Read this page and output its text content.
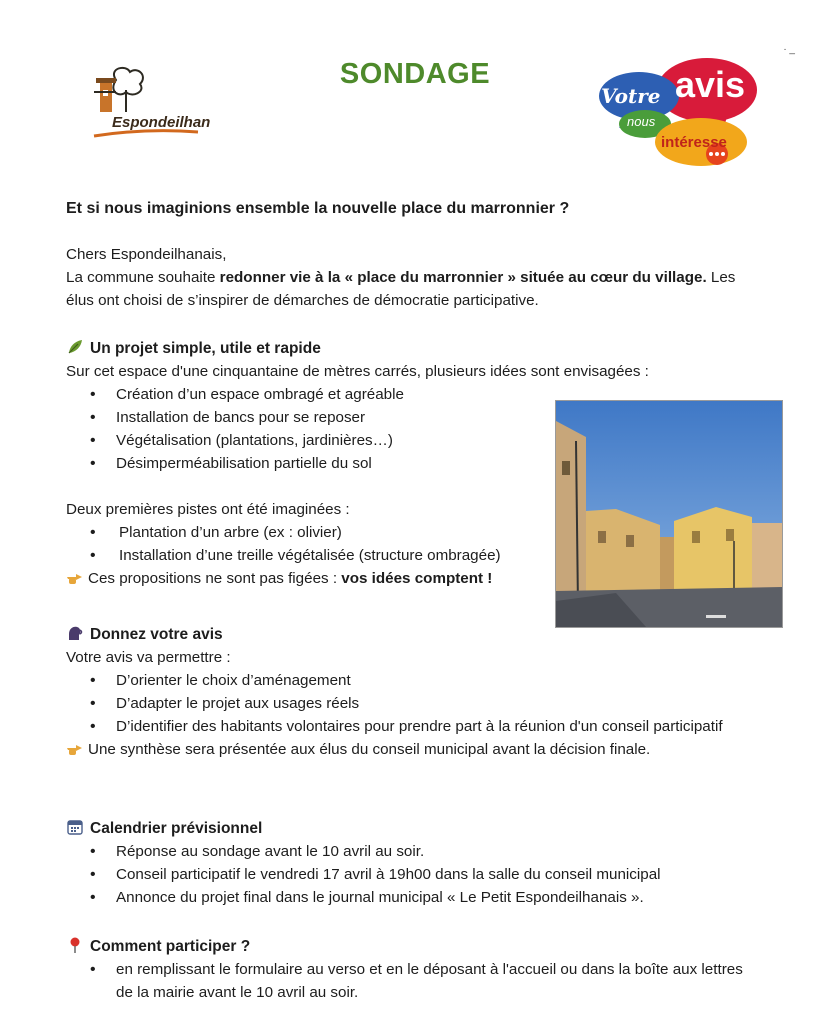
· _
Espondeilhan
SONDAGE
Votre avis
nous
intéresse
Et si nous imaginions ensemble la nouvelle place du marronnier ?
Chers Espondeilhanais,
La commune souhaite redonner vie à la « place du marronnier » située au cœur du village. Les élus ont choisi de s’inspirer de démarches de démocratie participative.
Un projet simple, utile et rapide
Sur cet espace d'une cinquantaine de mètres carrés, plusieurs idées sont envisagées :
• Création d’un espace ombragé et agréable
• Installation de bancs pour se reposer
• Végétalisation (plantations, jardinières…)
• Désimperméabilisation partielle du sol
Deux premières pistes ont été imaginées :
• Plantation d’un arbre (ex : olivier)
• Installation d’une treille végétalisée (structure ombragée)
Ces propositions ne sont pas figées : vos idées comptent !
Donnez votre avis
Votre avis va permettre :
• D’orienter le choix d’aménagement
• D’adapter le projet aux usages réels
• D’identifier des habitants volontaires pour prendre part à la réunion d'un conseil participatif
Une synthèse sera présentée aux élus du conseil municipal avant la décision finale.
Calendrier prévisionnel
• Réponse au sondage avant le 10 avril au soir.
• Conseil participatif le vendredi 17 avril à 19h00 dans la salle du conseil municipal
• Annonce du projet final dans le journal municipal « Le Petit Espondeilhanais ».
Comment participer ?
• en remplissant le formulaire au verso et en le déposant à l'accueil ou dans la boîte aux lettres de la mairie avant le 10 avril au soir.
